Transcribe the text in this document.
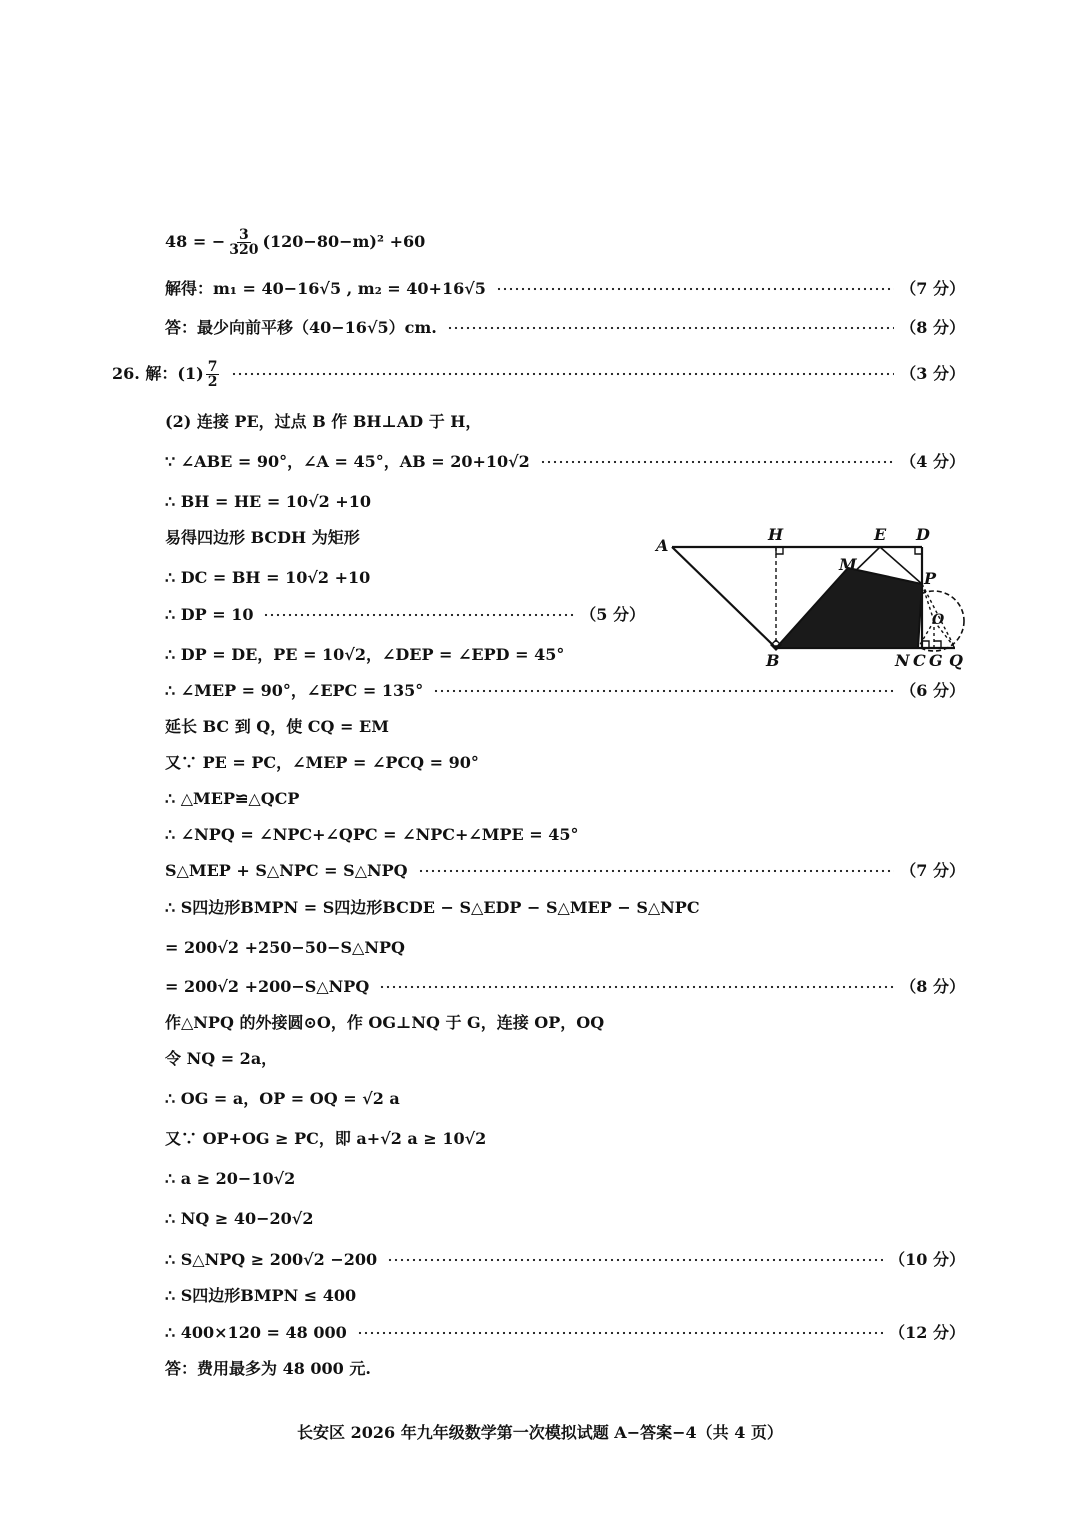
48 = − $\frac{3}{320} (120-80-m)^2 +60$
解得：m₁ = 40−16√5 , m₂ = 40+16√5	（7 分）
答：最少向前平移（40−16√5）cm.	（8 分）
26. 解：$(1) \frac{7}{2}$	（3 分）
(2) 连接 PE，过点 B 作 BH⊥AD 于 H，
∵ ∠ABE = 90°，∠A = 45°，AB = 20+10√2	（4 分）
∴ BH = HE = 10√2 +10
易得四边形 BCDH 为矩形
∴ DC = BH = 10√2 +10
∴ DP = 10	（5 分）
∴ DP = DE，PE = 10√2，∠DEP = ∠EPD = 45°
∴ ∠MEP = 90°，∠EPC = 135°	（6 分）
延长 BC 到 Q，使 CQ = EM
又∵ PE = PC，∠MEP = ∠PCQ = 90°
∴ △MEP≌△QCP
∴ ∠NPQ = ∠NPC+∠QPC = ∠NPC+∠MPE = 45°
S△MEP + S△NPC = S△NPQ	（7 分）
∴ S四边形BMPN = S四边形BCDE − S△EDP − S△MEP − S△NPC
= 200√2 +250−50−S△NPQ
= 200√2 +200−S△NPQ	（8 分）
作△NPQ 的外接圆⊙O，作 OG⊥NQ 于 G，连接 OP，OQ
令 NQ = 2a，
∴ OG = a，OP = OQ = √2 a
又∵ OP+OG ≥ PC，即 a+√2 a ≥ 10√2
∴ a ≥ 20−10√2
∴ NQ ≥ 40−20√2
∴ S△NPQ ≥ 200√2 −200	（10 分）
∴ S四边形BMPN ≤ 400
∴ 400×120 = 48 000	（12 分）
答：费用最多为 48 000 元.
A
H	E D
M
P
O
B	N C G Q
长安区 2026 年九年级数学第一次模拟试题 A−答案−4（共 4 页）
